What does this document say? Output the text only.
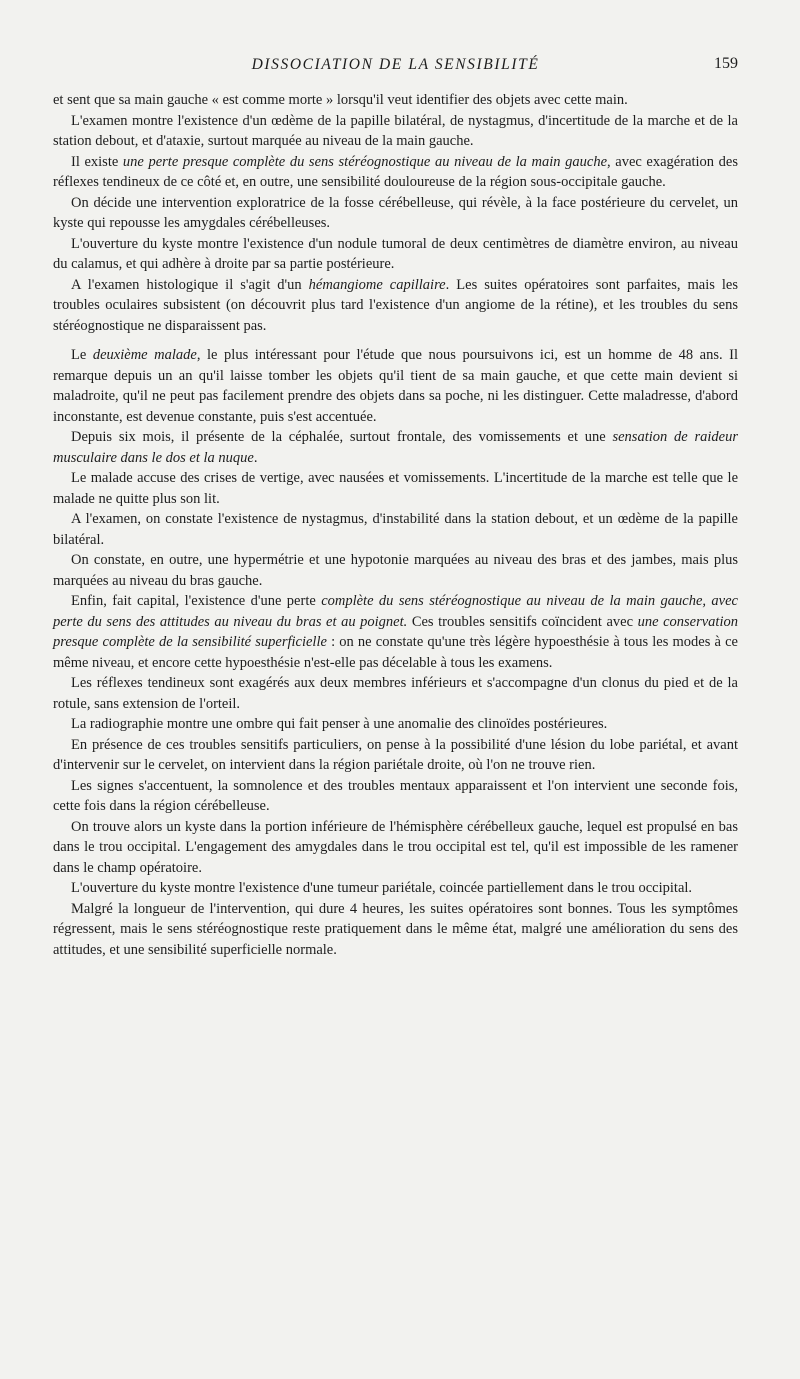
DISSOCIATION DE LA SENSIBILITÉ	159

et sent que sa main gauche « est comme morte » lorsqu'il veut identifier des objets avec cette main.

L'examen montre l'existence d'un œdème de la papille bilatéral, de nystagmus, d'incertitude de la marche et de la station debout, et d'ataxie, surtout marquée au niveau de la main gauche.

Il existe une perte presque complète du sens stéréognostique au niveau de la main gauche, avec exagération des réflexes tendineux de ce côté et, en outre, une sensibilité douloureuse de la région sous-occipitale gauche.

On décide une intervention exploratrice de la fosse cérébelleuse, qui révèle, à la face postérieure du cervelet, un kyste qui repousse les amygdales cérébelleuses.

L'ouverture du kyste montre l'existence d'un nodule tumoral de deux centimètres de diamètre environ, au niveau du calamus, et qui adhère à droite par sa partie postérieure.

A l'examen histologique il s'agit d'un hémangiome capillaire. Les suites opératoires sont parfaites, mais les troubles oculaires subsistent (on découvrit plus tard l'existence d'un angiome de la rétine), et les troubles du sens stéréognostique ne disparaissent pas.

Le deuxième malade, le plus intéressant pour l'étude que nous poursuivons ici, est un homme de 48 ans. Il remarque depuis un an qu'il laisse tomber les objets qu'il tient de sa main gauche, et que cette main devient si maladroite, qu'il ne peut pas facilement prendre des objets dans sa poche, ni les distinguer. Cette maladresse, d'abord inconstante, est devenue constante, puis s'est accentuée.

Depuis six mois, il présente de la céphalée, surtout frontale, des vomissements et une sensation de raideur musculaire dans le dos et la nuque.

Le malade accuse des crises de vertige, avec nausées et vomissements. L'incertitude de la marche est telle que le malade ne quitte plus son lit.

A l'examen, on constate l'existence de nystagmus, d'instabilité dans la station debout, et un œdème de la papille bilatéral.

On constate, en outre, une hypermétrie et une hypotonie marquées au niveau des bras et des jambes, mais plus marquées au niveau du bras gauche.

Enfin, fait capital, l'existence d'une perte complète du sens stéréognostique au niveau de la main gauche, avec perte du sens des attitudes au niveau du bras et au poignet. Ces troubles sensitifs coïncident avec une conservation presque complète de la sensibilité superficielle : on ne constate qu'une très légère hypoesthésie à tous les modes à ce même niveau, et encore cette hypoesthésie n'est-elle pas décelable à tous les examens.

Les réflexes tendineux sont exagérés aux deux membres inférieurs et s'accompagne d'un clonus du pied et de la rotule, sans extension de l'orteil.

La radiographie montre une ombre qui fait penser à une anomalie des clinoïdes postérieures.

En présence de ces troubles sensitifs particuliers, on pense à la possibilité d'une lésion du lobe pariétal, et avant d'intervenir sur le cervelet, on intervient dans la région pariétale droite, où l'on ne trouve rien.

Les signes s'accentuent, la somnolence et des troubles mentaux apparaissent et l'on intervient une seconde fois, cette fois dans la région cérébelleuse.

On trouve alors un kyste dans la portion inférieure de l'hémisphère cérébelleux gauche, lequel est propulsé en bas dans le trou occipital. L'engagement des amygdales dans le trou occipital est tel, qu'il est impossible de les ramener dans le champ opératoire.

L'ouverture du kyste montre l'existence d'une tumeur pariétale, coincée partiellement dans le trou occipital.

Malgré la longueur de l'intervention, qui dure 4 heures, les suites opératoires sont bonnes. Tous les symptômes régressent, mais le sens stéréognostique reste pratiquement dans le même état, malgré une amélioration du sens des attitudes, et une sensibilité superficielle normale.
